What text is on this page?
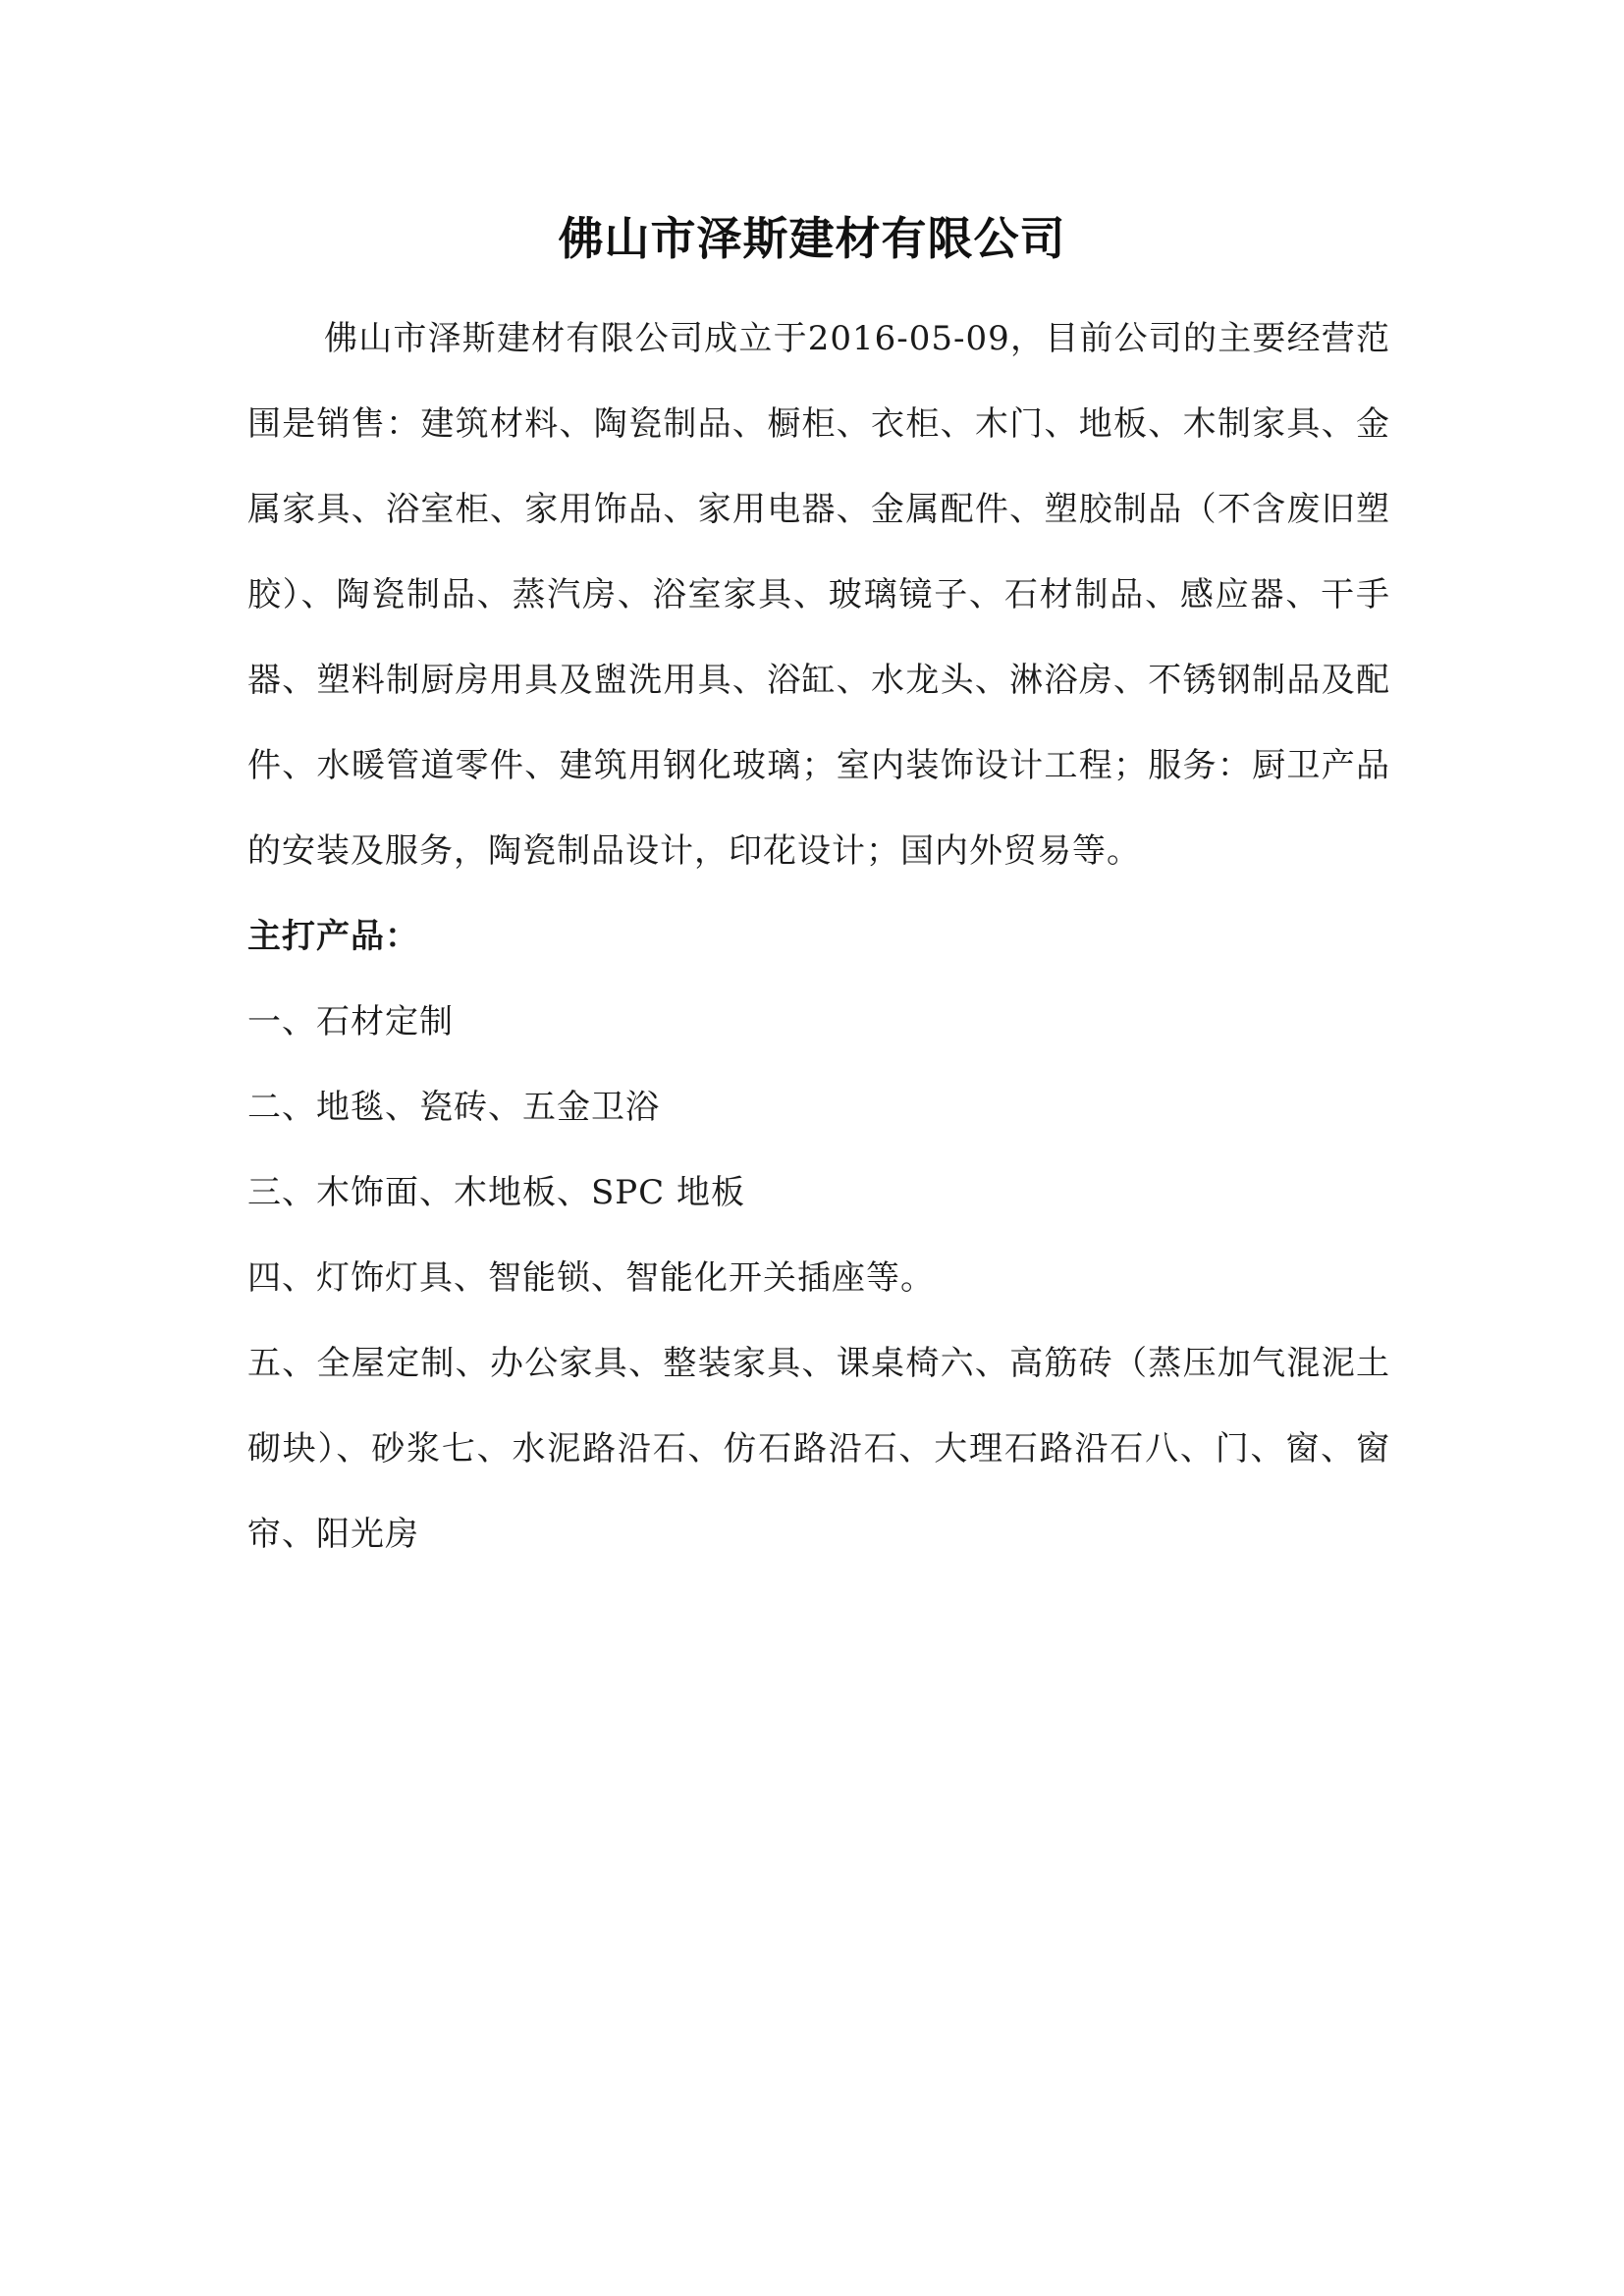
佛山市泽斯建材有限公司

佛山市泽斯建材有限公司成立于2016-05-09，目前公司的主要经营范围是销售：建筑材料、陶瓷制品、橱柜、衣柜、木门、地板、木制家具、金属家具、浴室柜、家用饰品、家用电器、金属配件、塑胶制品（不含废旧塑胶）、陶瓷制品、蒸汽房、浴室家具、玻璃镜子、石材制品、感应器、干手器、塑料制厨房用具及盥洗用具、浴缸、水龙头、淋浴房、不锈钢制品及配件、水暖管道零件、建筑用钢化玻璃；室内装饰设计工程；服务：厨卫产品的安装及服务，陶瓷制品设计，印花设计；国内外贸易等。

主打产品：

一、石材定制

二、地毯、瓷砖、五金卫浴

三、木饰面、木地板、SPC 地板

四、灯饰灯具、智能锁、智能化开关插座等。

五、全屋定制、办公家具、整装家具、课桌椅六、高筋砖（蒸压加气混泥土砌块）、砂浆七、水泥路沿石、仿石路沿石、大理石路沿石八、门、窗、窗帘、阳光房
